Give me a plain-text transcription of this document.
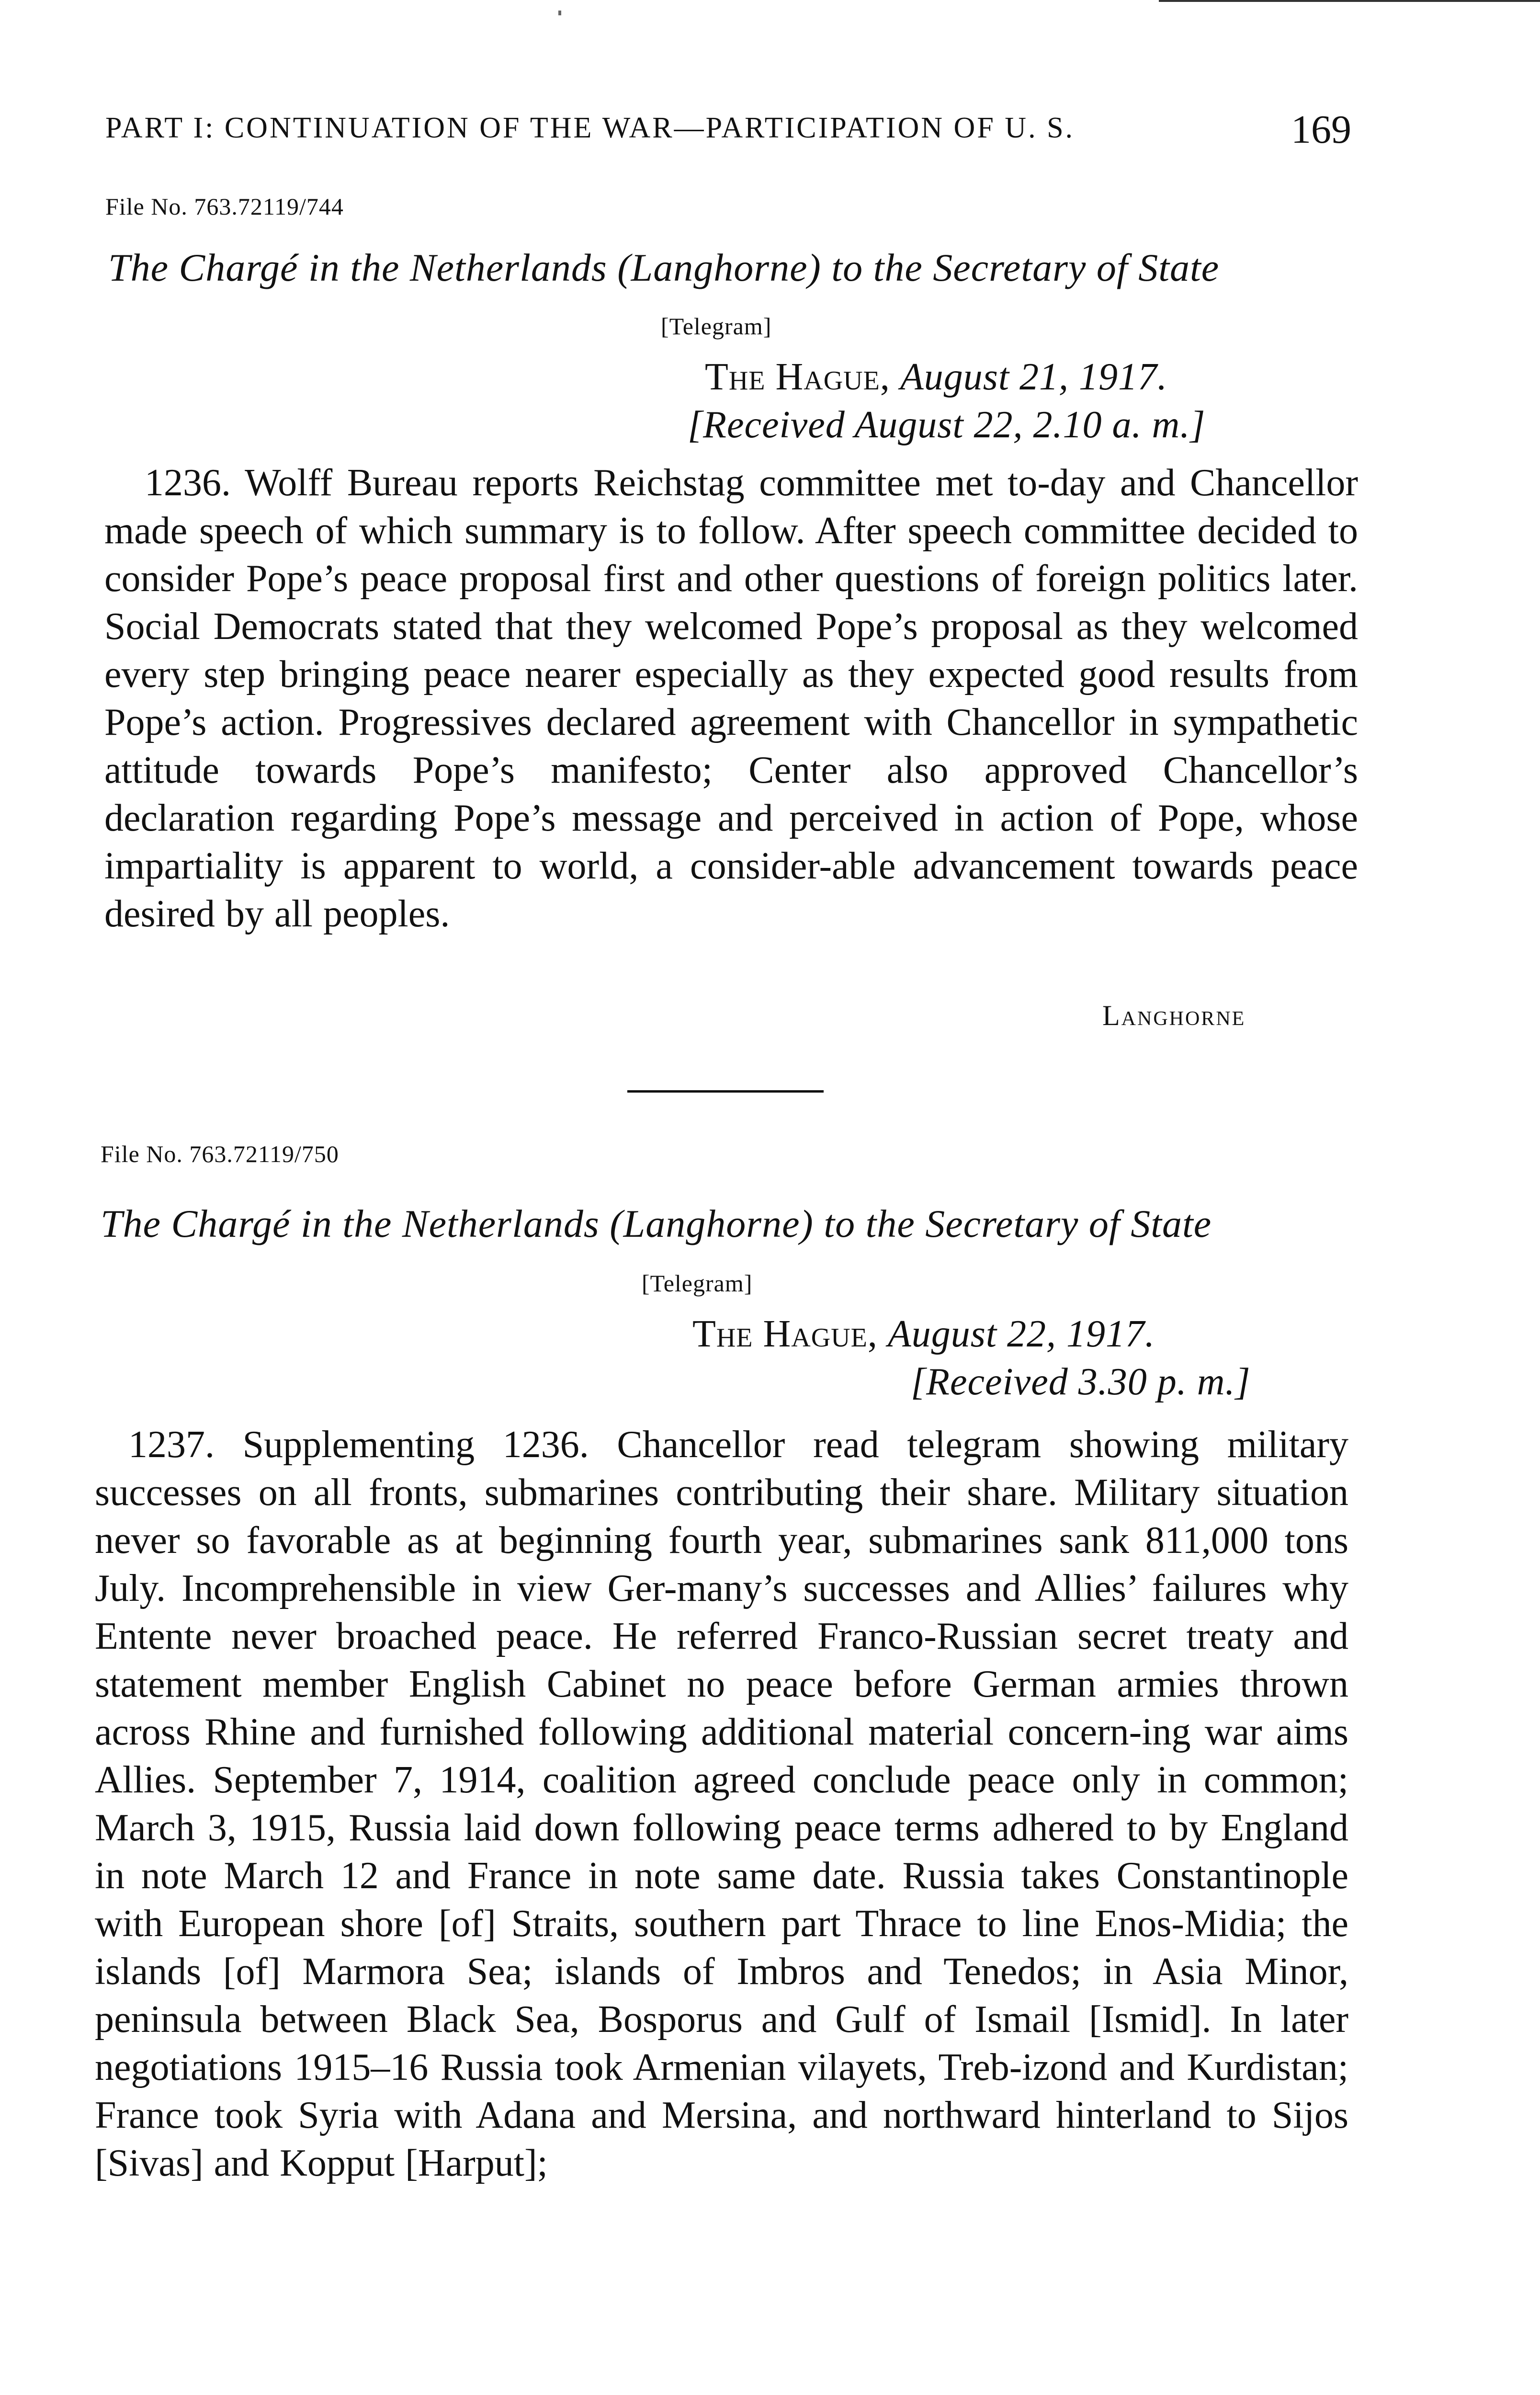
PART I: CONTINUATION OF THE WAR—PARTICIPATION OF U. S.	169
File No. 763.72119/744
The Chargé in the Netherlands (Langhorne) to the Secretary of State
[Telegram]
The Hague, August 21, 1917.
[Received August 22, 2.10 a. m.]
1236. Wolff Bureau reports Reichstag committee met to-day and Chancellor made speech of which summary is to follow. After speech committee decided to consider Pope’s peace proposal first and other questions of foreign politics later. Social Democrats stated that they welcomed Pope’s proposal as they welcomed every step bringing peace nearer especially as they expected good results from Pope’s action. Progressives declared agreement with Chancellor in sympathetic attitude towards Pope’s manifesto; Center also approved Chancellor’s declaration regarding Pope’s message and perceived in action of Pope, whose impartiality is apparent to world, a consider-able advancement towards peace desired by all peoples.
Langhorne
File No. 763.72119/750
The Chargé in the Netherlands (Langhorne) to the Secretary of State
[Telegram]
The Hague, August 22, 1917.
[Received 3.30 p. m.]
1237. Supplementing 1236. Chancellor read telegram showing military successes on all fronts, submarines contributing their share. Military situation never so favorable as at beginning fourth year, submarines sank 811,000 tons July. Incomprehensible in view Ger-many’s successes and Allies’ failures why Entente never broached peace. He referred Franco-Russian secret treaty and statement member English Cabinet no peace before German armies thrown across Rhine and furnished following additional material concern-ing war aims Allies. September 7, 1914, coalition agreed conclude peace only in common; March 3, 1915, Russia laid down following peace terms adhered to by England in note March 12 and France in note same date. Russia takes Constantinople with European shore [of] Straits, southern part Thrace to line Enos-Midia; the islands [of] Marmora Sea; islands of Imbros and Tenedos; in Asia Minor, peninsula between Black Sea, Bosporus and Gulf of Ismail [Ismid]. In later negotiations 1915–16 Russia took Armenian vilayets, Treb-izond and Kurdistan; France took Syria with Adana and Mersina, and northward hinterland to Sijos [Sivas] and Kopput [Harput];
